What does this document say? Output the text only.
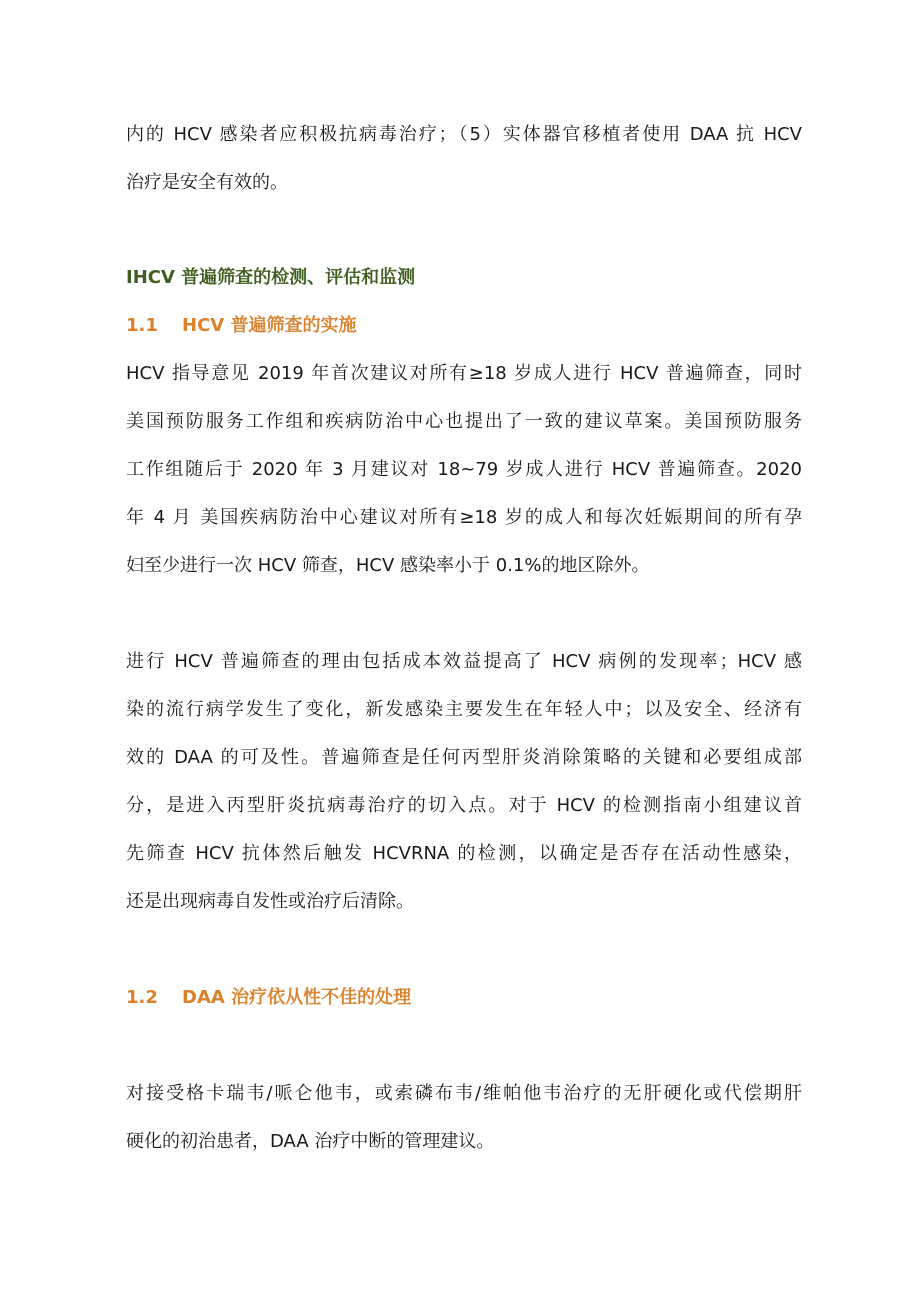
内的 HCV 感染者应积极抗病毒治疗；（5）实体器官移植者使用 DAA 抗 HCV

治疗是安全有效的。

IHCV 普遍筛查的检测、评估和监测
1.1 HCV 普遍筛查的实施

HCV 指导意见 2019 年首次建议对所有≥18 岁成人进行 HCV 普遍筛查，同时

美国预防服务工作组和疾病防治中心也提出了一致的建议草案。美国预防服务

工作组随后于 2020 年 3 月建议对 18~79 岁成人进行 HCV 普遍筛查。2020

年 4 月 美国疾病防治中心建议对所有≥18 岁的成人和每次妊娠期间的所有孕

妇至少进行一次 HCV 筛查，HCV 感染率小于 0.1%的地区除外。

进行 HCV 普遍筛查的理由包括成本效益提高了 HCV 病例的发现率；HCV 感

染的流行病学发生了变化，新发感染主要发生在年轻人中；以及安全、经济有

效的 DAA 的可及性。普遍筛查是任何丙型肝炎消除策略的关键和必要组成部

分，是进入丙型肝炎抗病毒治疗的切入点。对于 HCV 的检测指南小组建议首

先筛查 HCV 抗体然后触发 HCVRNA 的检测，以确定是否存在活动性感染，

还是出现病毒自发性或治疗后清除。

1.2 DAA 治疗依从性不佳的处理

对接受格卡瑞韦/哌仑他韦，或索磷布韦/维帕他韦治疗的无肝硬化或代偿期肝

硬化的初治患者，DAA 治疗中断的管理建议。
